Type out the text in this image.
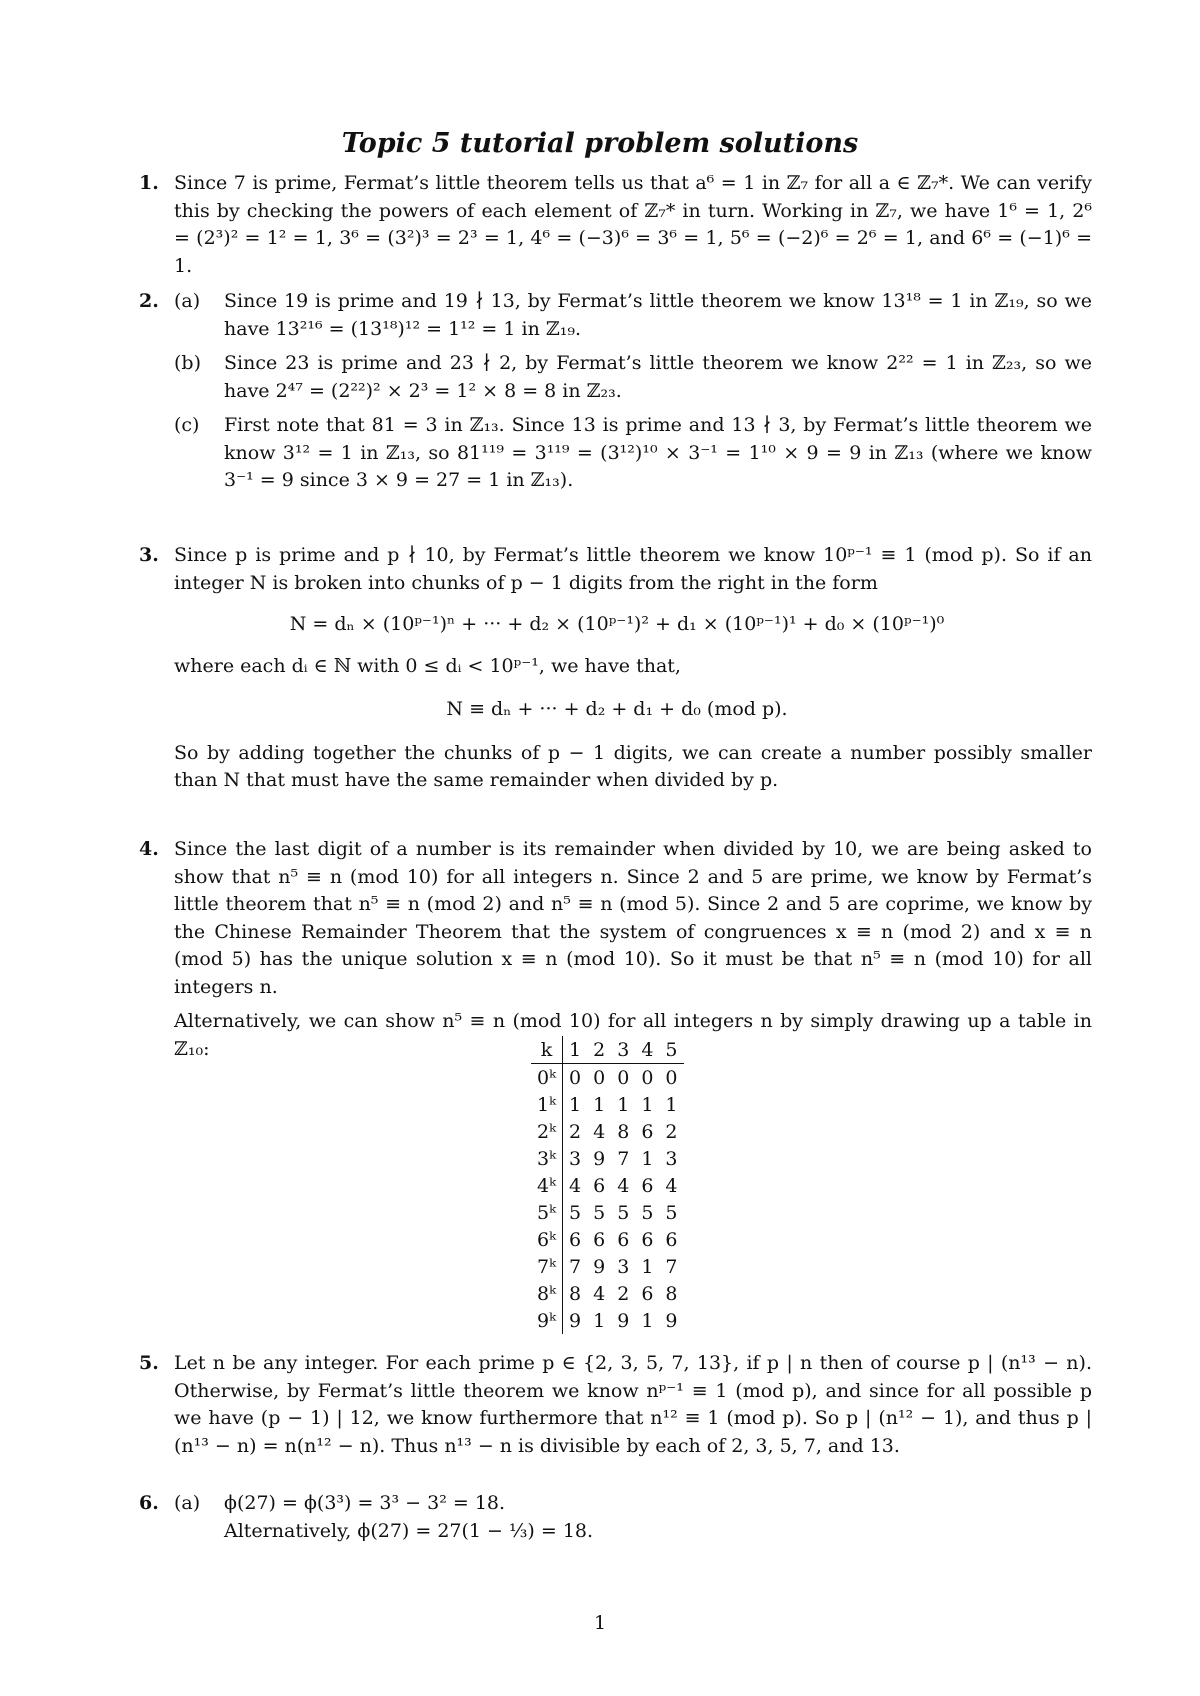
Topic 5 tutorial problem solutions
1. Since 7 is prime, Fermat’s little theorem tells us that a⁶ = 1 in ℤ₇ for all a ∈ ℤ₇*. We can verify this by checking the powers of each element of ℤ₇* in turn. Working in ℤ₇, we have 1⁶ = 1, 2⁶ = (2³)² = 1² = 1, 3⁶ = (3²)³ = 2³ = 1, 4⁶ = (−3)⁶ = 3⁶ = 1, 5⁶ = (−2)⁶ = 2⁶ = 1, and 6⁶ = (−1)⁶ = 1.
2. (a) Since 19 is prime and 19 ∤ 13, by Fermat’s little theorem we know 13¹⁸ = 1 in ℤ₁₉, so we have 13²¹⁶ = (13¹⁸)¹² = 1¹² = 1 in ℤ₁₉.
(b) Since 23 is prime and 23 ∤ 2, by Fermat’s little theorem we know 2²² = 1 in ℤ₂₃, so we have 2⁴⁷ = (2²²)² × 2³ = 1² × 8 = 8 in ℤ₂₃.
(c) First note that 81 = 3 in ℤ₁₃. Since 13 is prime and 13 ∤ 3, by Fermat’s little theorem we know 3¹² = 1 in ℤ₁₃, so 81¹¹⁹ = 3¹¹⁹ = (3¹²)¹⁰ × 3⁻¹ = 1¹⁰ × 9 = 9 in ℤ₁₃ (where we know 3⁻¹ = 9 since 3 × 9 = 27 = 1 in ℤ₁₃).
3. Since p is prime and p ∤ 10, by Fermat’s little theorem we know 10ᵖ⁻¹ ≡ 1 (mod p). So if an integer N is broken into chunks of p − 1 digits from the right in the form
N = dₙ × (10ᵖ⁻¹)ⁿ + ··· + d₂ × (10ᵖ⁻¹)² + d₁ × (10ᵖ⁻¹)¹ + d₀ × (10ᵖ⁻¹)⁰
where each dᵢ ∈ ℕ with 0 ≤ dᵢ < 10ᵖ⁻¹, we have that,
N ≡ dₙ + ··· + d₂ + d₁ + d₀ (mod p).
So by adding together the chunks of p − 1 digits, we can create a number possibly smaller than N that must have the same remainder when divided by p.
4. Since the last digit of a number is its remainder when divided by 10, we are being asked to show that n⁵ ≡ n (mod 10) for all integers n. Since 2 and 5 are prime, we know by Fermat’s little theorem that n⁵ ≡ n (mod 2) and n⁵ ≡ n (mod 5). Since 2 and 5 are coprime, we know by the Chinese Remainder Theorem that the system of congruences x ≡ n (mod 2) and x ≡ n (mod 5) has the unique solution x ≡ n (mod 10). So it must be that n⁵ ≡ n (mod 10) for all integers n.
Alternatively, we can show n⁵ ≡ n (mod 10) for all integers n by simply drawing up a table in ℤ₁₀:	k	1	2	3	4	5
0ᵏ	0	0	0	0	0
1ᵏ	1	1	1	1	1
2ᵏ	2	4	8	6	2
3ᵏ	3	9	7	1	3
4ᵏ	4	6	4	6	4
5ᵏ	5	5	5	5	5
6ᵏ	6	6	6	6	6
7ᵏ	7	9	3	1	7
8ᵏ	8	4	2	6	8
9ᵏ	9	1	9	1	9
5. Let n be any integer. For each prime p ∈ {2, 3, 5, 7, 13}, if p | n then of course p | (n¹³ − n). Otherwise, by Fermat’s little theorem we know nᵖ⁻¹ ≡ 1 (mod p), and since for all possible p we have (p − 1) | 12, we know furthermore that n¹² ≡ 1 (mod p). So p | (n¹² − 1), and thus p | (n¹³ − n) = n(n¹² − n). Thus n¹³ − n is divisible by each of 2, 3, 5, 7, and 13.
6. (a) ϕ(27) = ϕ(3³) = 3³ − 3² = 18.
Alternatively, ϕ(27) = 27(1 − ⅓) = 18.
1
